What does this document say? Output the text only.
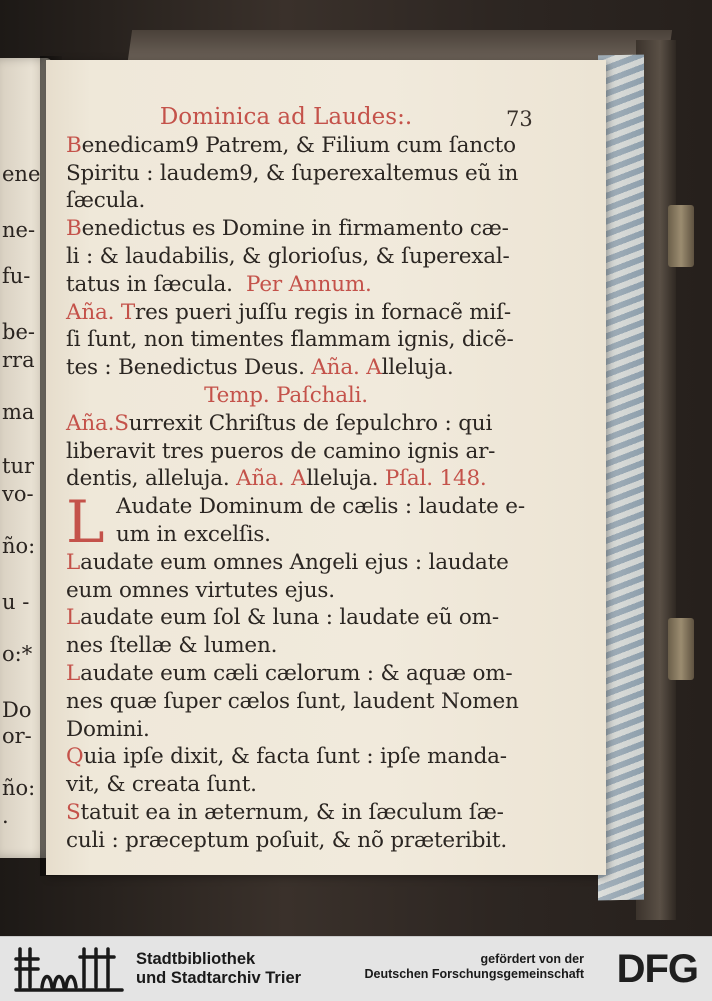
ene
ne-
fu-
be-
rra
ma
tur
vo-
ño:
u -
o:*
Do
or-
ño:
.
Dominica ad Laudes:.	73
Benedicam9 Patrem, & Filium cum ſancto
Spiritu : laudem9, & ſuperexaltemus eũ in
ſæcula.
Benedictus es Domine in firmamento cæ-
li : & laudabilis, & glorioſus, & ſuperexal-
tatus in ſæcula. Per Annum.
Aña. Tres pueri juſſu regis in fornacẽ miſ-
ſi ſunt, non timentes flammam ignis, dicẽ-
tes : Benedictus Deus. Aña. Alleluja.
Temp. Paſchali.
Aña.Surrexit Chriſtus de ſepulchro : qui
liberavit tres pueros de camino ignis ar-
dentis, alleluja. Aña. Alleluja. Pſal. 148.
L Audate Dominum de cælis : laudate e-
um in excelſis.
Laudate eum omnes Angeli ejus : laudate
eum omnes virtutes ejus.
Laudate eum ſol & luna : laudate eũ om-
nes ſtellæ & lumen.
Laudate eum cæli cælorum : & aquæ om-
nes quæ ſuper cælos ſunt, laudent Nomen
Domini.
Quia ipſe dixit, & facta ſunt : ipſe manda-
vit, & creata ſunt.
Statuit ea in æternum, & in ſæculum ſæ-
culi : præceptum poſuit, & nõ præteribit.
Stadtbibliothek
und Stadtarchiv Trier
gefördert von der
Deutschen Forschungsgemeinschaft DFG
